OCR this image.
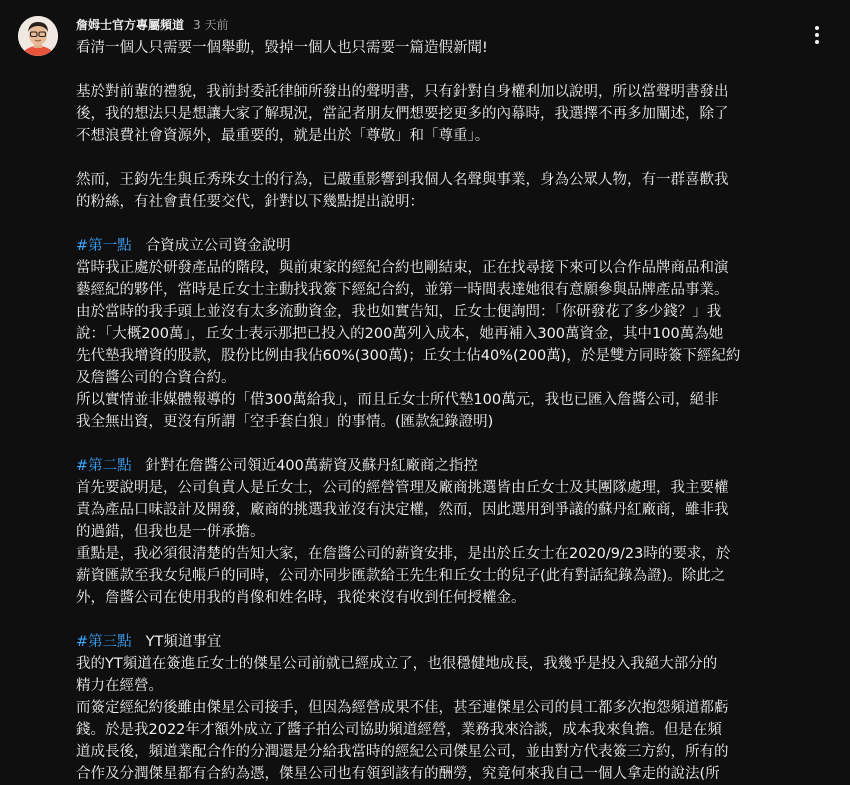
詹姆士官方專屬頻道 3 天前
看清一個人只需要一個舉動，毀掉一個人也只需要一篇造假新聞!
基於對前輩的禮貌，我前封委託律師所發出的聲明書，只有針對自身權利加以說明，所以當聲明書發出
後，我的想法只是想讓大家了解現況，當記者朋友們想要挖更多的內幕時，我選擇不再多加闡述，除了
不想浪費社會資源外，最重要的，就是出於「尊敬」和「尊重」。
然而，王鈞先生與丘秀珠女士的行為，已嚴重影響到我個人名聲與事業，身為公眾人物，有一群喜歡我
的粉絲，有社會責任要交代，針對以下幾點提出說明：
#第一點 合資成立公司資金說明
當時我正處於研發產品的階段，與前東家的經紀合約也剛結束，正在找尋接下來可以合作品牌商品和演
藝經紀的夥伴，當時是丘女士主動找我簽下經紀合約，並第一時間表達她很有意願參與品牌產品事業。
由於當時的我手頭上並沒有太多流動資金，我也如實告知，丘女士便詢問：「你研發花了多少錢？」我
說：「大概200萬」，丘女士表示那把已投入的200萬列入成本，她再補入300萬資金，其中100萬為她
先代墊我增資的股款，股份比例由我佔60%(300萬)；丘女士佔40%(200萬)，於是雙方同時簽下經紀約
及詹醬公司的合資合約。
所以實情並非媒體報導的「借300萬給我」，而且丘女士所代墊100萬元，我也已匯入詹醬公司，絕非
我全無出資，更沒有所謂「空手套白狼」的事情。(匯款紀錄證明)
#第二點 針對在詹醬公司領近400萬薪資及蘇丹紅廠商之指控
首先要說明是，公司負責人是丘女士，公司的經營管理及廠商挑選皆由丘女士及其團隊處理，我主要權
責為產品口味設計及開發，廠商的挑選我並沒有決定權，然而，因此選用到爭議的蘇丹紅廠商，雖非我
的過錯，但我也是一併承擔。
重點是，我必須很清楚的告知大家，在詹醬公司的薪資安排，是出於丘女士在2020/9/23時的要求，於
薪資匯款至我女兒帳戶的同時，公司亦同步匯款給王先生和丘女士的兒子(此有對話紀錄為證)。除此之
外，詹醬公司在使用我的肖像和姓名時，我從來沒有收到任何授權金。
#第三點 YT頻道事宜
我的YT頻道在簽進丘女士的傑星公司前就已經成立了，也很穩健地成長，我幾乎是投入我絕大部分的
精力在經營。
而簽定經紀約後雖由傑星公司接手，但因為經營成果不佳，甚至連傑星公司的員工都多次抱怨頻道都虧
錢。於是我2022年才額外成立了醬子拍公司協助頻道經營，業務我來洽談，成本我來負擔。但是在頻
道成長後，頻道業配合作的分潤還是分給我當時的經紀公司傑星公司，並由對方代表簽三方約，所有的
合作及分潤傑星都有合約為憑，傑星公司也有領到該有的酬勞，究竟何來我自己一個人拿走的說法(所
